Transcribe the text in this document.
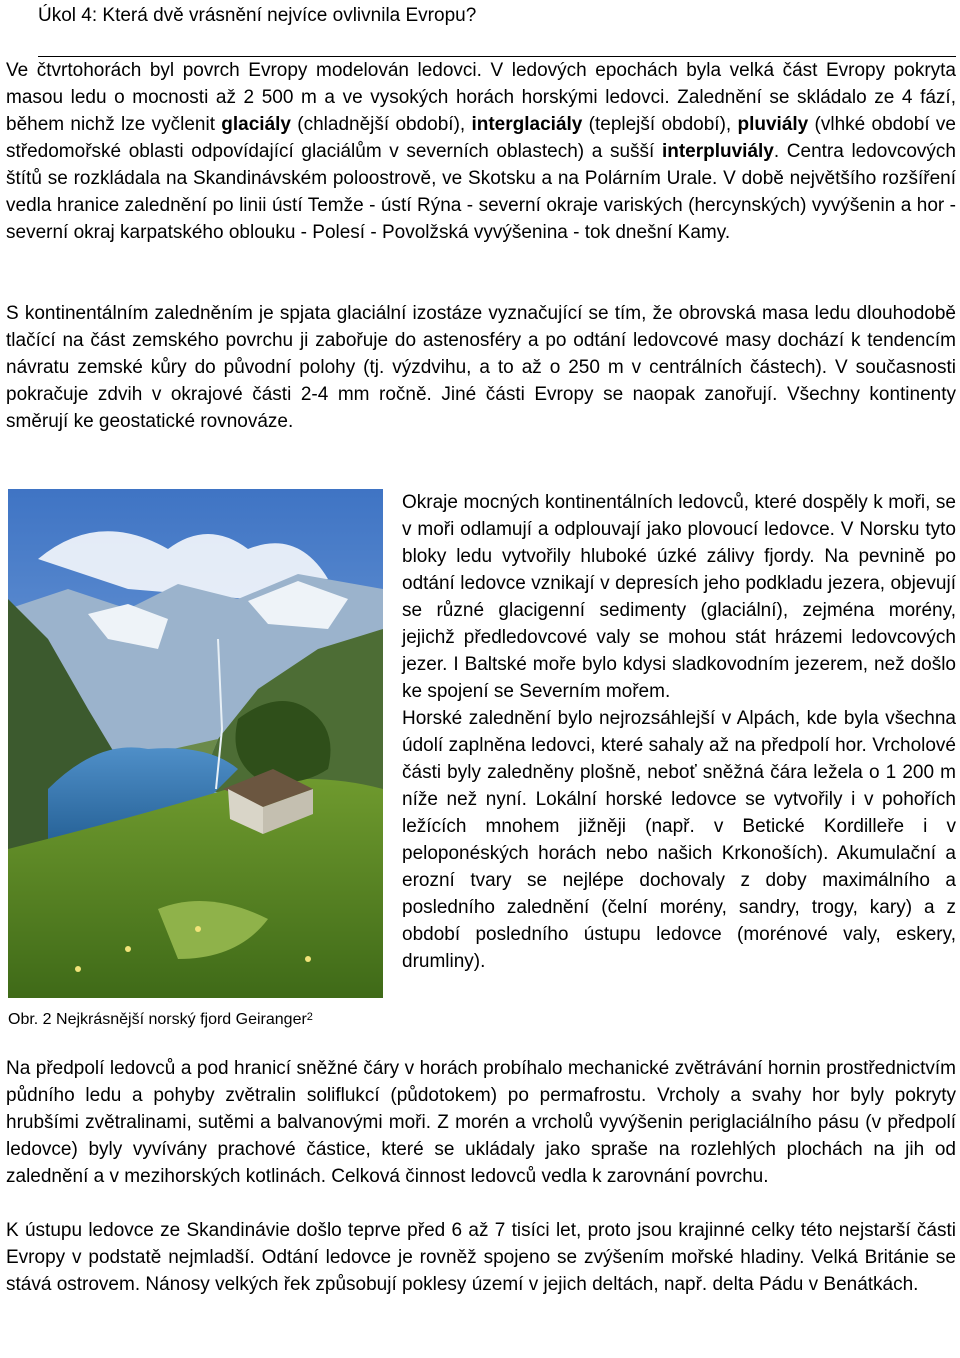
Úkol 4: Která dvě vrásnění nejvíce ovlivnila Evropu?

Ve čtvrtohorách byl povrch Evropy modelován ledovci. V ledových epochách byla velká část Evropy pokryta masou ledu o mocnosti až 2 500 m a ve vysokých horách horskými ledovci. Zalednění se skládalo ze 4 fází, během nichž lze vyčlenit glaciály (chladnější období), interglaciály (teplejší období), pluviály (vlhké období ve středomořské oblasti odpovídající glaciálům v severních oblastech) a sušší interpluviály. Centra ledovcových štítů se rozkládala na Skandinávském poloostrově, ve Skotsku a na Polárním Urale. V době největšího rozšíření vedla hranice zalednění po linii ústí Temže - ústí Rýna - severní okraje variských (hercynských) vyvýšenin a hor - severní okraj karpatského oblouku - Polesí - Povolžská vyvýšenina - tok dnešní Kamy.

S kontinentálním zaledněním je spjata glaciální izostáze vyznačující se tím, že obrovská masa ledu dlouhodobě tlačící na část zemského povrchu ji zabořuje do astenosféry a po odtání ledovcové masy dochází k tendencím návratu zemské kůry do původní polohy (tj. výzdvihu, a to až o 250 m v centrálních částech). V současnosti pokračuje zdvih v okrajové části 2-4 mm ročně. Jiné části Evropy se naopak zanořují. Všechny kontinenty směrují ke geostatické rovnováze.

Obr. 2 Nejkrásnější norský fjord Geiranger$^2$

Okraje mocných kontinentálních ledovců, které dospěly k moři, se v moři odlamují a odplouvají jako plovoucí ledovce. V Norsku tyto bloky ledu vytvořily hluboké úzké zálivy fjordy. Na pevnině po odtání ledovce vznikají v depresích jeho podkladu jezera, objevují se různé glacigenní sedimenty (glaciální), zejména morény, jejichž předledovcové valy se mohou stát hrázemi ledovcových jezer. I Baltské moře bylo kdysi sladkovodním jezerem, než došlo ke spojení se Severním mořem.

Horské zalednění bylo nejrozsáhlejší v Alpách, kde byla všechna údolí zaplněna ledovci, které sahaly až na předpolí hor. Vrcholové části byly zaledněny plošně, neboť sněžná čára ležela o 1 200 m níže než nyní. Lokální horské ledovce se vytvořily i v pohořích ležících mnohem jižněji (např. v Betické Kordilleře i v peloponéských horách nebo našich Krkonoších). Akumulační a erozní tvary se nejlépe dochovaly z doby maximálního a posledního zalednění (čelní morény, sandry, trogy, kary) a z období posledního ústupu ledovce (morénové valy, eskery, drumliny).

Na předpolí ledovců a pod hranicí sněžné čáry v horách probíhalo mechanické zvětrávání hornin prostřednictvím půdního ledu a pohyby zvětralin soliflukcí (půdotokem) po permafrostu. Vrcholy a svahy hor byly pokryty hrubšími zvětralinami, sutěmi a balvanovými moři. Z morén a vrcholů vyvýšenin periglaciálního pásu (v předpolí ledovce) byly vyvívány prachové částice, které se ukládaly jako spraše na rozlehlých plochách na jih od zalednění a v mezihorských kotlinách. Celková činnost ledovců vedla k zarovnání povrchu.

K ústupu ledovce ze Skandinávie došlo teprve před 6 až 7 tisíci let, proto jsou krajinné celky této nejstarší části Evropy v podstatě nejmladší. Odtání ledovce je rovněž spojeno se zvýšením mořské hladiny. Velká Británie se stává ostrovem. Nánosy velkých řek způsobují poklesy území v jejich deltách, např. delta Pádu v Benátkách.
